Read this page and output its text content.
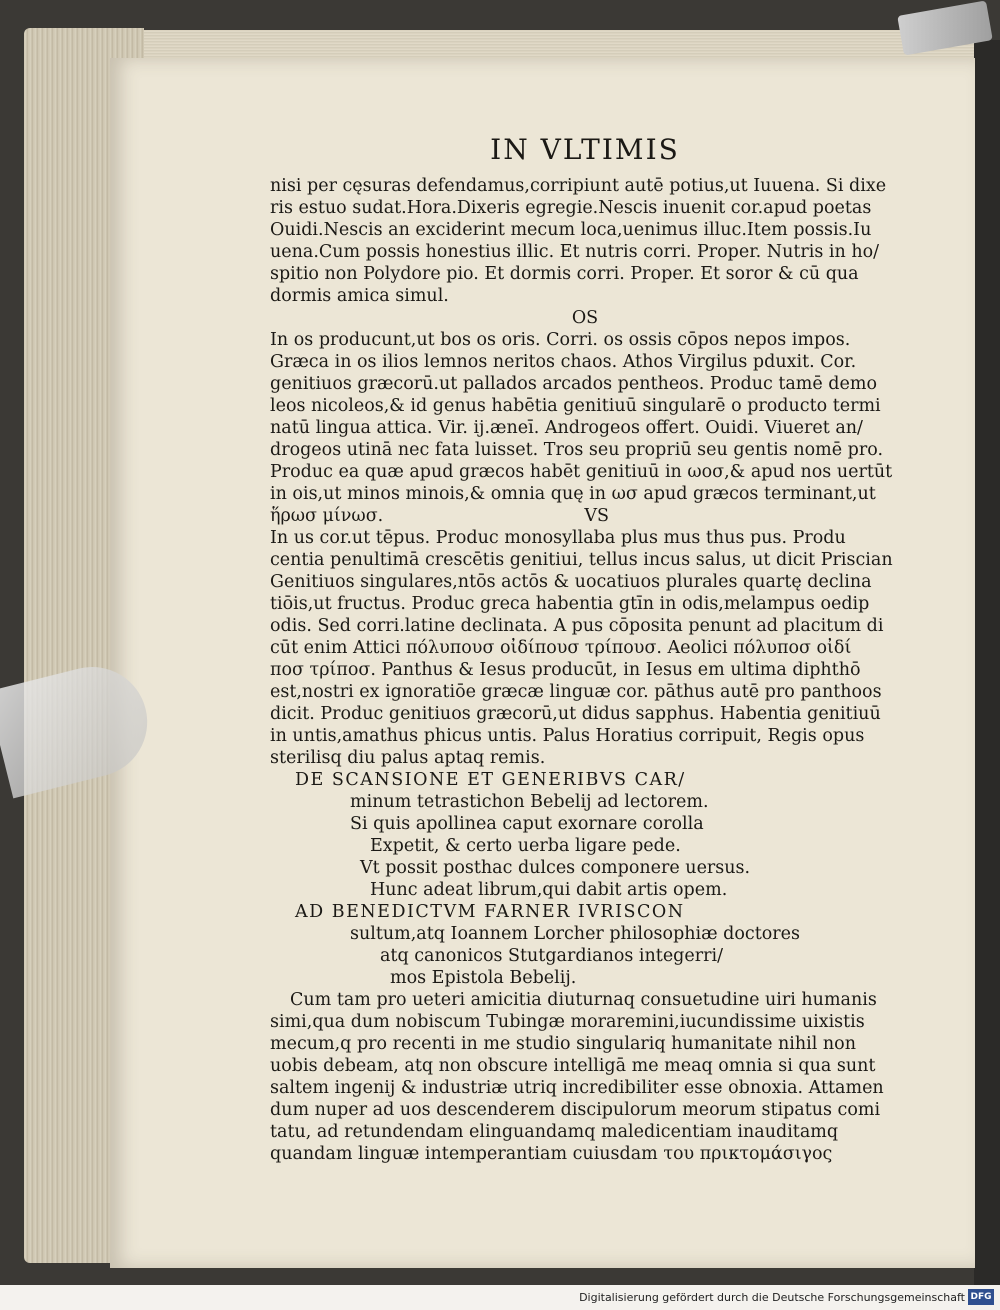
IN VLTIMIS
nisi per cęsuras defendamus,corripiunt autē potius,ut Iuuena. Si dixe
ris estuo sudat.Hora.Dixeris egregie.Nescis inuenit cor.apud poetas
Ouidi.Nescis an exciderint mecum loca,uenimus illuc.Item possis.Iu
uena.Cum possis honestius illic. Et nutris corri. Proper. Nutris in ho/
spitio non Polydore pio. Et dormis corri. Proper. Et soror & cū qua
dormis amica simul.
OS
In os producunt,ut bos os oris. Corri. os ossis cōpos nepos impos.
Græca in os ilios lemnos neritos chaos. Athos Virgilus pduxit. Cor.
genitiuos græcorū.ut pallados arcados pentheos. Produc tamē demo
leos nicoleos,& id genus habētia genitiuū singularē o producto termi
natū lingua attica. Vir. ij.æneī. Androgeos offert. Ouidi. Viueret an/
drogeos utinā nec fata luisset. Tros seu propriū seu gentis nomē pro.
Produc ea quæ apud græcos habēt genitiuū in ωοσ,& apud nos uertūt
in ois,ut minos minois,& omnia quę in ωσ apud græcos terminant,ut
ἥρωσ μίνωσ.	VS
In us cor.ut tēpus. Produc monosyllaba plus mus thus pus. Produ
centia penultimā crescētis genitiui, tellus incus salus, ut dicit Priscian
Genitiuos singulares,ntōs actōs & uocatiuos plurales quartę declina
tiōis,ut fructus. Produc greca habentia gtīn in odis,melampus oedip
odis. Sed corri.latine declinata. A pus cōposita penunt ad placitum di
cūt enim Attici πόλυπουσ οἰδίπουσ τρίπουσ. Aeolici πόλυποσ οἰδί
ποσ τρίποσ. Panthus & Iesus producūt, in Iesus em ultima diphthō
est,nostri ex ignoratiōe græcæ linguæ cor. pāthus autē pro panthoos
dicit. Produc genitiuos græcorū,ut didus sapphus. Habentia genitiuū
in untis,amathus phicus untis. Palus Horatius corripuit, Regis opus
sterilisq diu palus aptaq remis.
DE SCANSIONE ET GENERIBVS CAR/
minum tetrastichon Bebelij ad lectorem.
Si quis apollinea caput exornare corolla
Expetit, & certo uerba ligare pede.
Vt possit posthac dulces componere uersus.
Hunc adeat librum,qui dabit artis opem.
AD BENEDICTVM FARNER IVRISCON
sultum,atq Ioannem Lorcher philosophiæ doctores
atq canonicos Stutgardianos integerri/
mos Epistola Bebelij.
Cum tam pro ueteri amicitia diuturnaq consuetudine uiri humanis
simi,qua dum nobiscum Tubingæ moraremini,iucundissime uixistis
mecum,q pro recenti in me studio singulariq humanitate nihil non
uobis debeam, atq non obscure intelligā me meaq omnia si qua sunt
saltem ingenij & industriæ utriq incredibiliter esse obnoxia. Attamen
dum nuper ad uos descenderem discipulorum meorum stipatus comi
tatu, ad retundendam elinguandamq maledicentiam inauditamq
quandam linguæ intemperantiam cuiusdam του πρικτομάσιγος
Digitalisierung gefördert durch die Deutsche Forschungsgemeinschaft DFG
